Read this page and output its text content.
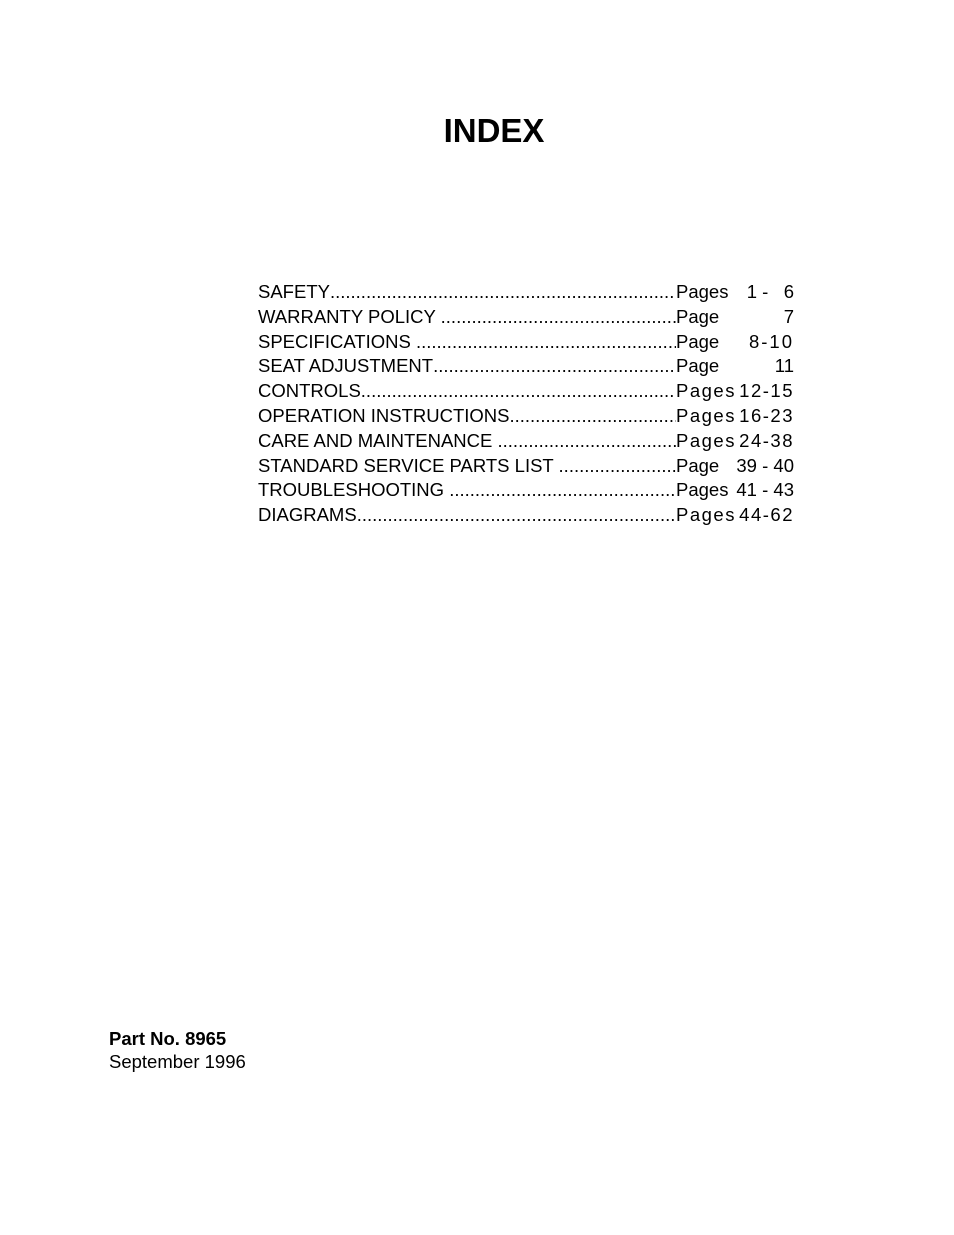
INDEX
SAFETY .....	Pages 1 -   6
WARRANTY POLICY .....	Page	7
SPECIFICATIONS .....	Page 8-10
SEAT ADJUSTMENT .....	Page	11
CONTROLS .....	Pages 12-15
OPERATION INSTRUCTIONS .....	Pages 16-23
CARE AND MAINTENANCE .....	Pages 24-38
STANDARD SERVICE PARTS LIST .....	Page 39 - 40
TROUBLESHOOTING .....	Pages 41 - 43
DIAGRAMS .....	Pages 44-62
Part No. 8965
September 1996
